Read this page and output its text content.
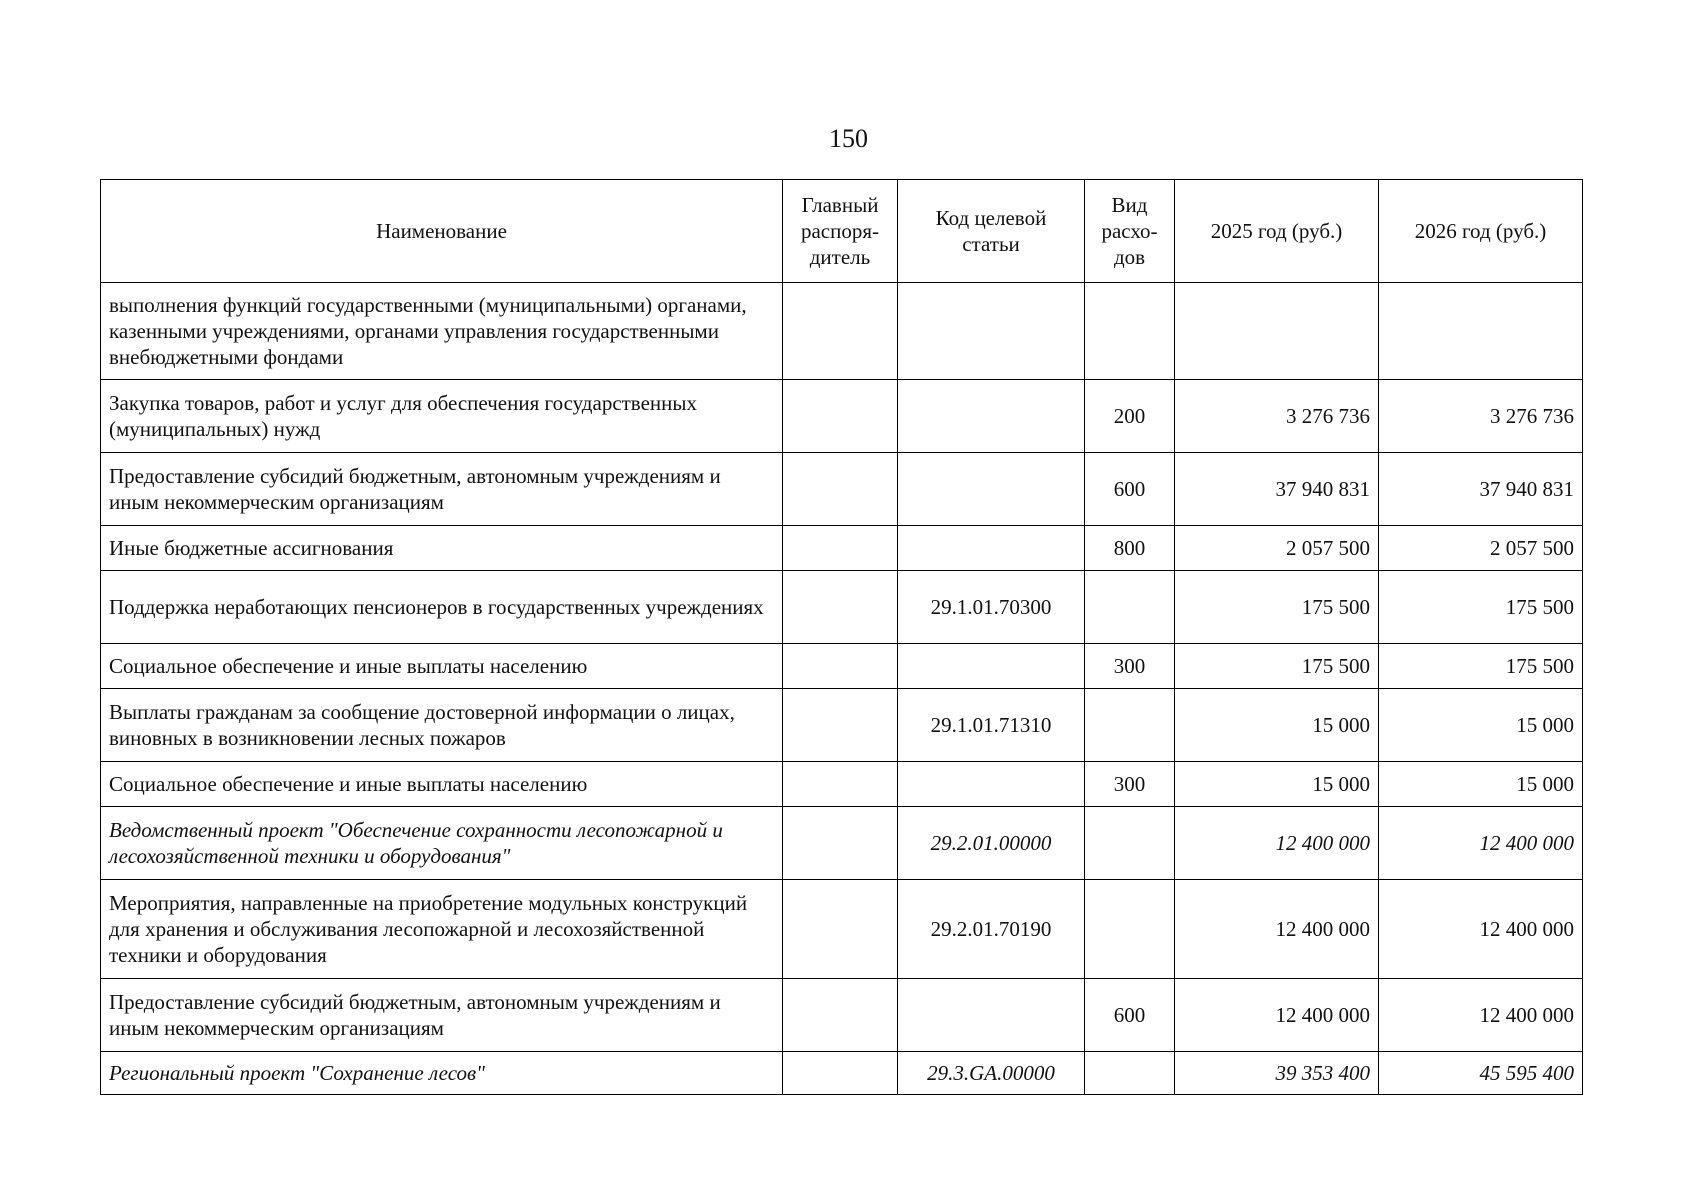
150
Наименование	Главный распоря-дитель	Код целевой статьи	Вид расхо-дов	2025 год (руб.)	2026 год (руб.)
выполнения функций государственными (муниципальными) органами, казенными учреждениями, органами управления государственными внебюджетными фондами					
Закупка товаров, работ и услуг для обеспечения государственных (муниципальных) нужд			200	3 276 736	3 276 736
Предоставление субсидий бюджетным, автономным учреждениям и иным некоммерческим организациям			600	37 940 831	37 940 831
Иные бюджетные ассигнования			800	2 057 500	2 057 500
Поддержка неработающих пенсионеров в государственных учреждениях		29.1.01.70300		175 500	175 500
Социальное обеспечение и иные выплаты населению			300	175 500	175 500
Выплаты гражданам за сообщение достоверной информации о лицах, виновных в возникновении лесных пожаров		29.1.01.71310		15 000	15 000
Социальное обеспечение и иные выплаты населению			300	15 000	15 000
Ведомственный проект "Обеспечение сохранности лесопожарной и лесохозяйственной техники и оборудования"		29.2.01.00000		12 400 000	12 400 000
Мероприятия, направленные на приобретение модульных конструкций для хранения и обслуживания лесопожарной и лесохозяйственной техники и оборудования		29.2.01.70190		12 400 000	12 400 000
Предоставление субсидий бюджетным, автономным учреждениям и иным некоммерческим организациям			600	12 400 000	12 400 000
Региональный проект "Сохранение лесов"		29.3.GA.00000		39 353 400	45 595 400
